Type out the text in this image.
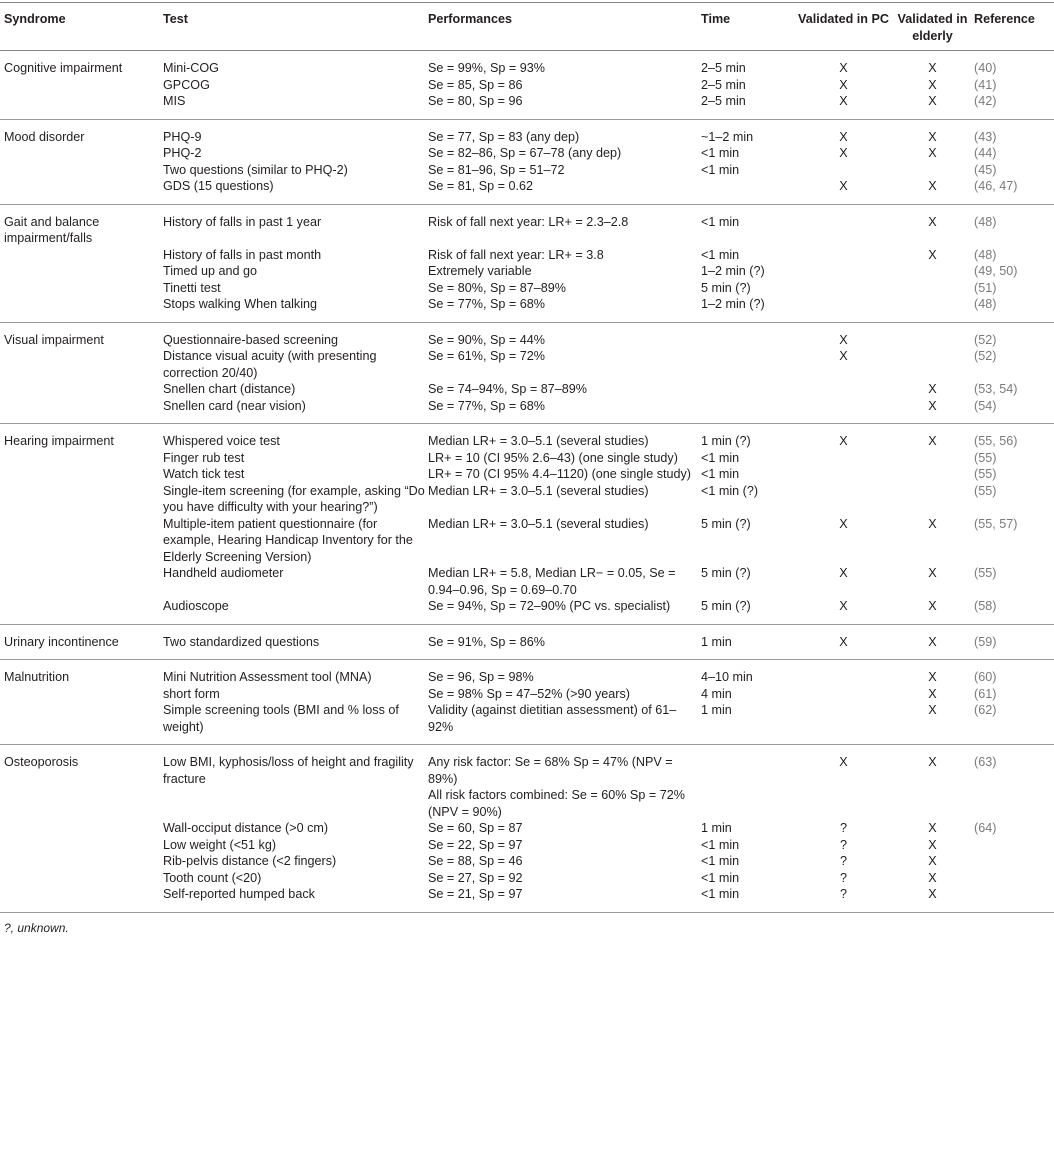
Syndrome	Test	Performances	Time	Validated in PC	Validated in elderly	Reference
Cognitive impairment	Mini-COG	Se = 99%, Sp = 93%	2–5 min	X	X	(40)
	GPCOG	Se = 85, Sp = 86	2–5 min	X	X	(41)
	MIS	Se = 80, Sp = 96	2–5 min	X	X	(42)
Mood disorder	PHQ-9	Se = 77, Sp = 83 (any dep)	~1–2 min	X	X	(43)
	PHQ-2	Se = 82–86, Sp = 67–78 (any dep)	<1 min	X	X	(44)
	Two questions (similar to PHQ-2)	Se = 81–96, Sp = 51–72	<1 min			(45)
	GDS (15 questions)	Se = 81, Sp = 0.62		X	X	(46, 47)
Gait and balance impairment/falls	History of falls in past 1 year	Risk of fall next year: LR+ = 2.3–2.8	<1 min		X	(48)
	History of falls in past month	Risk of fall next year: LR+ = 3.8	<1 min		X	(48)
	Timed up and go	Extremely variable	1–2 min (?)			(49, 50)
	Tinetti test	Se = 80%, Sp = 87–89%	5 min (?)			(51)
	Stops walking When talking	Se = 77%, Sp = 68%	1–2 min (?)			(48)
Visual impairment	Questionnaire-based screening	Se = 90%, Sp = 44%		X		(52)
	Distance visual acuity (with presenting correction 20/40)	Se = 61%, Sp = 72%		X		(52)
	Snellen chart (distance)	Se = 74–94%, Sp = 87–89%			X	(53, 54)
	Snellen card (near vision)	Se = 77%, Sp = 68%			X	(54)
Hearing impairment	Whispered voice test	Median LR+ = 3.0–5.1 (several studies)	1 min (?)	X	X	(55, 56)
	Finger rub test	LR+ = 10 (CI 95% 2.6–43) (one single study)	<1 min			(55)
	Watch tick test	LR+ = 70 (CI 95% 4.4–1120) (one single study)	<1 min			(55)
	Single-item screening (for example, asking “Do you have difficulty with your hearing?”)	Median LR+ = 3.0–5.1 (several studies)	<1 min (?)			(55)
	Multiple-item patient questionnaire (for example, Hearing Handicap Inventory for the Elderly Screening Version)	Median LR+ = 3.0–5.1 (several studies)	5 min (?)	X	X	(55, 57)
	Handheld audiometer	Median LR+ = 5.8, Median LR− = 0.05, Se = 0.94–0.96, Sp = 0.69–0.70	5 min (?)	X	X	(55)
	Audioscope	Se = 94%, Sp = 72–90% (PC vs. specialist)	5 min (?)	X	X	(58)
Urinary incontinence	Two standardized questions	Se = 91%, Sp = 86%	1 min	X	X	(59)
Malnutrition	Mini Nutrition Assessment tool (MNA)	Se = 96, Sp = 98%	4–10 min		X	(60)
	short form	Se = 98% Sp = 47–52% (>90 years)	4 min		X	(61)
	Simple screening tools (BMI and % loss of weight)	Validity (against dietitian assessment) of 61–92%	1 min		X	(62)
Osteoporosis	Low BMI, kyphosis/loss of height and fragility fracture	Any risk factor: Se = 68% Sp = 47% (NPV = 89%)		X	X	(63)
		All risk factors combined: Se = 60% Sp = 72% (NPV = 90%)				
	Wall-occiput distance (>0 cm)	Se = 60, Sp = 87	1 min	?	X	(64)
	Low weight (<51 kg)	Se = 22, Sp = 97	<1 min	?	X	
	Rib-pelvis distance (<2 fingers)	Se = 88, Sp = 46	<1 min	?	X	
	Tooth count (<20)	Se = 27, Sp = 92	<1 min	?	X	
	Self-reported humped back	Se = 21, Sp = 97	<1 min	?	X	
?, unknown.
